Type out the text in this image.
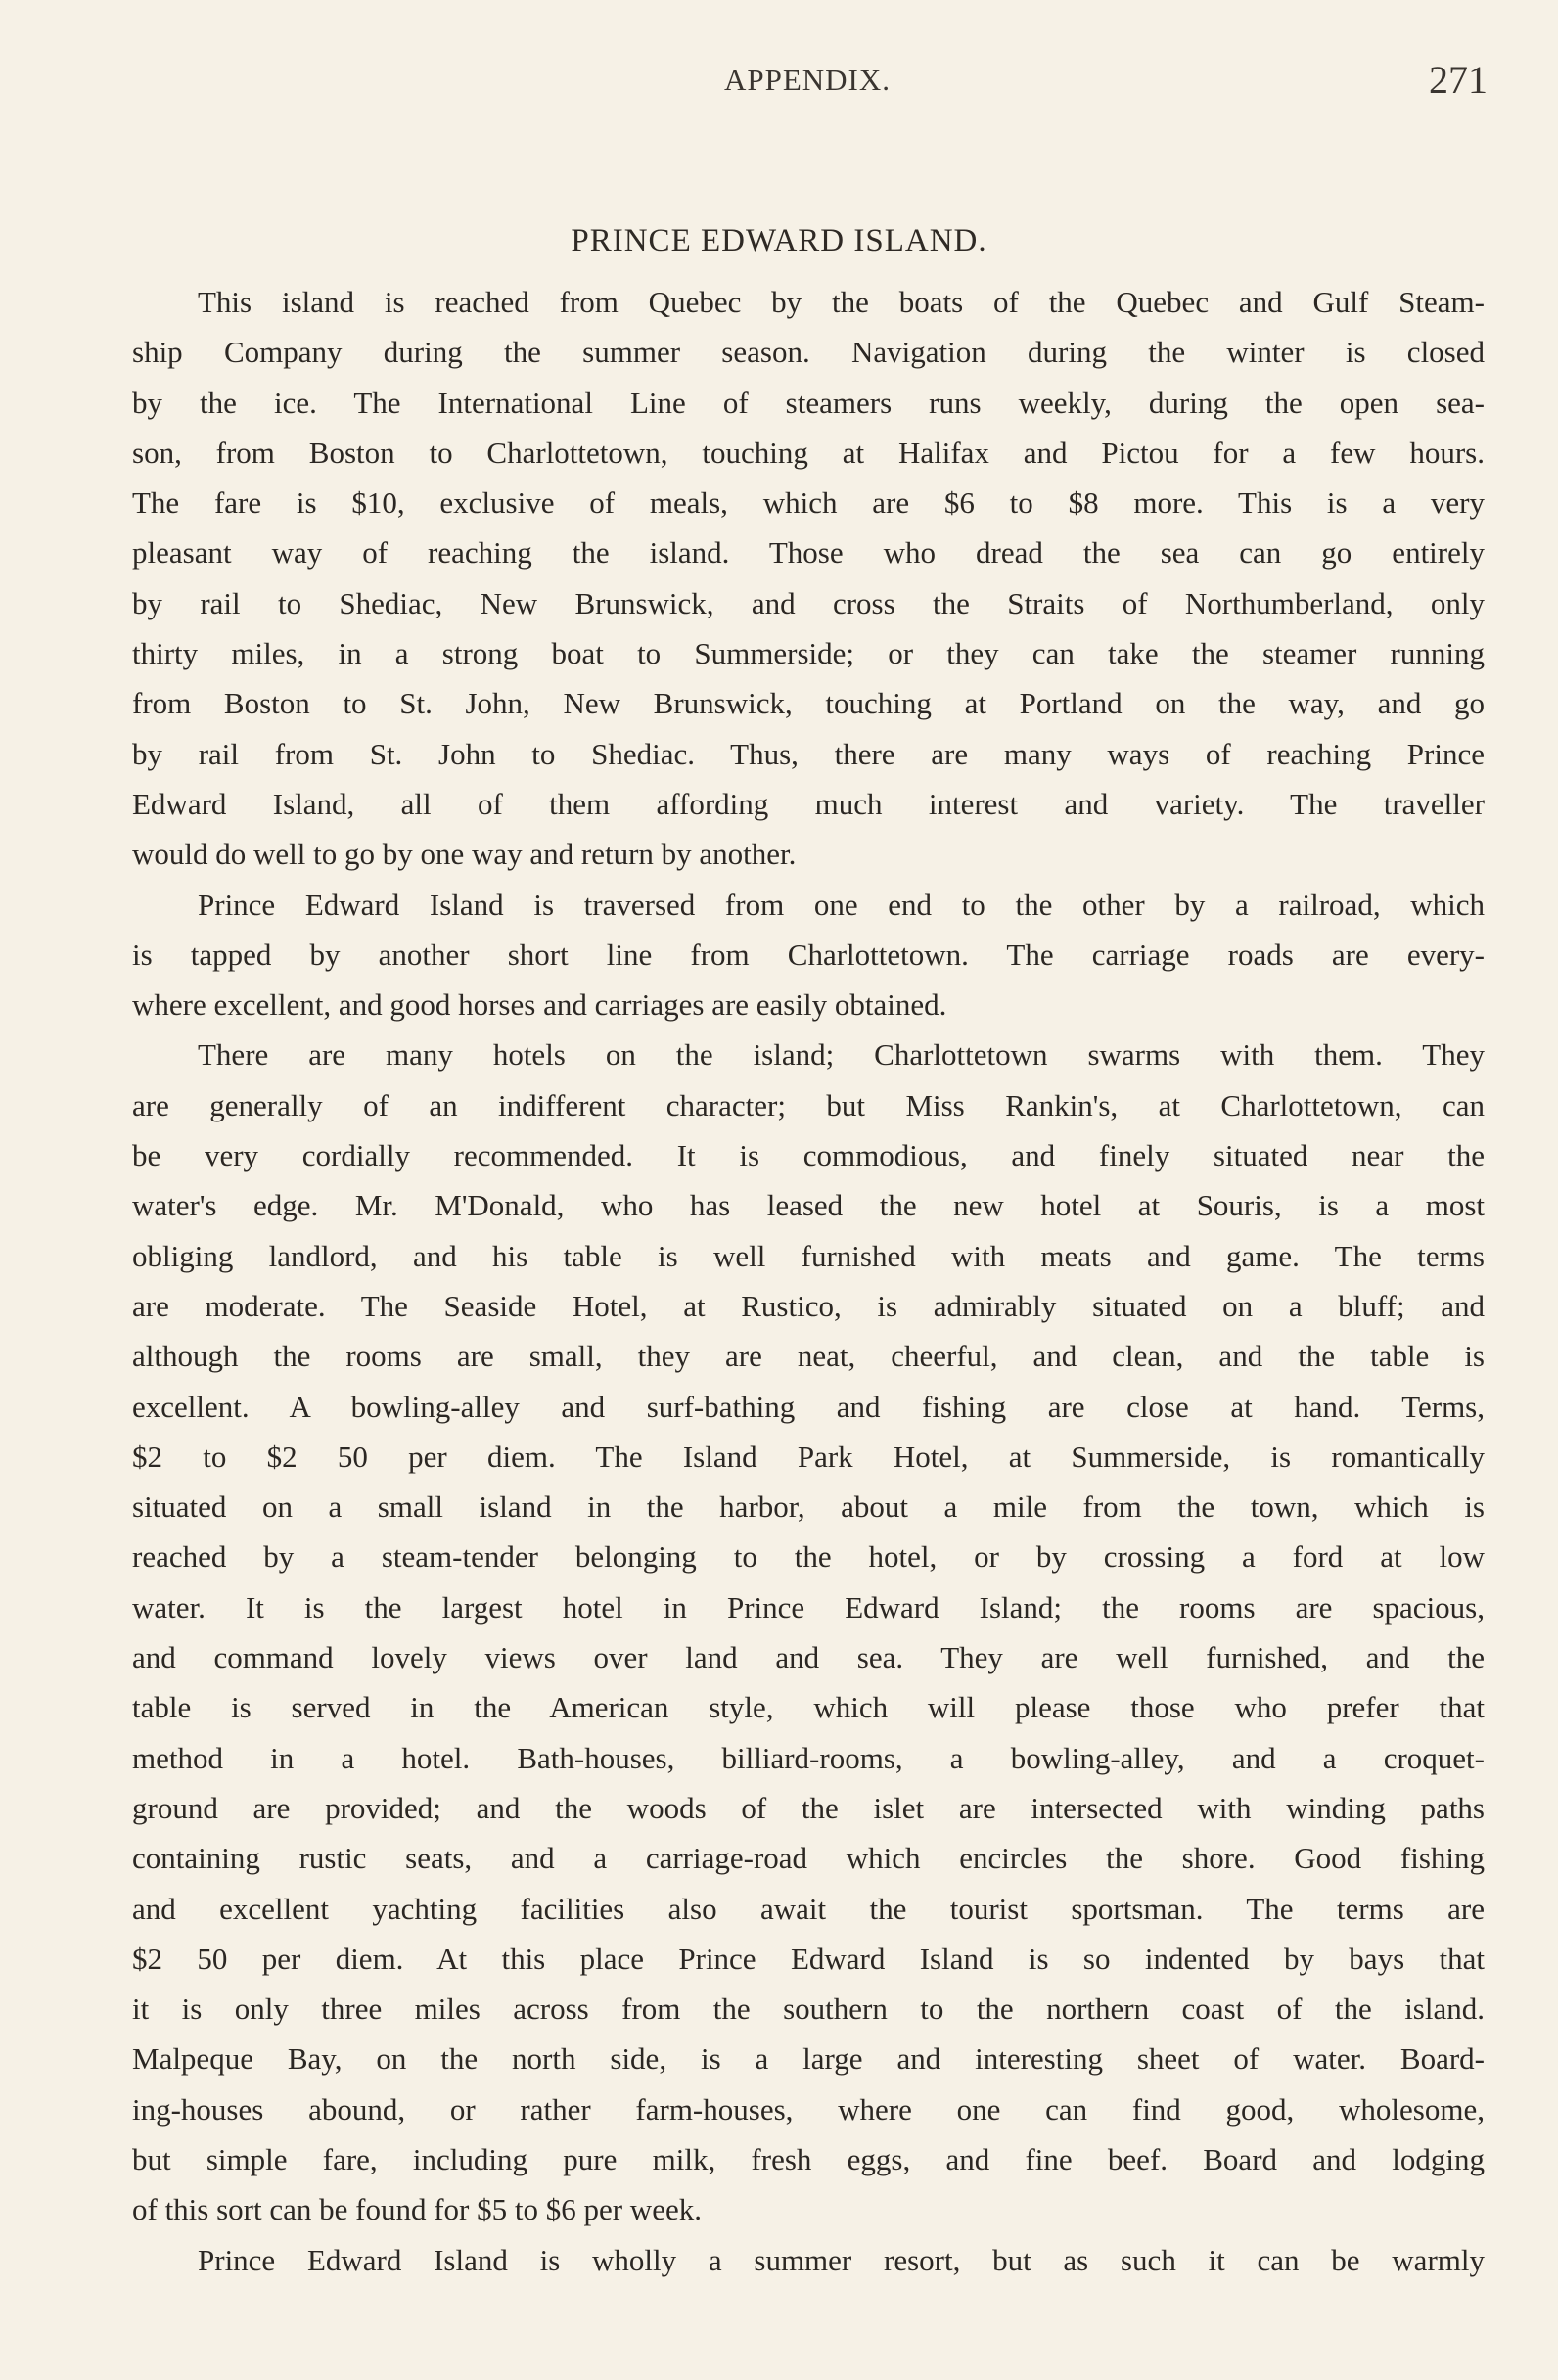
APPENDIX.	271
PRINCE EDWARD ISLAND.
This island is reached from Quebec by the boats of the Quebec and Gulf Steam-
ship Company during the summer season. Navigation during the winter is closed
by the ice. The International Line of steamers runs weekly, during the open sea-
son, from Boston to Charlottetown, touching at Halifax and Pictou for a few hours.
The fare is $10, exclusive of meals, which are $6 to $8 more. This is a very
pleasant way of reaching the island. Those who dread the sea can go entirely
by rail to Shediac, New Brunswick, and cross the Straits of Northumberland, only
thirty miles, in a strong boat to Summerside; or they can take the steamer running
from Boston to St. John, New Brunswick, touching at Portland on the way, and go
by rail from St. John to Shediac. Thus, there are many ways of reaching Prince
Edward Island, all of them affording much interest and variety. The traveller
would do well to go by one way and return by another.
Prince Edward Island is traversed from one end to the other by a railroad, which
is tapped by another short line from Charlottetown. The carriage roads are every-
where excellent, and good horses and carriages are easily obtained.
There are many hotels on the island; Charlottetown swarms with them. They
are generally of an indifferent character; but Miss Rankin's, at Charlottetown, can
be very cordially recommended. It is commodious, and finely situated near the
water's edge. Mr. M'Donald, who has leased the new hotel at Souris, is a most
obliging landlord, and his table is well furnished with meats and game. The terms
are moderate. The Seaside Hotel, at Rustico, is admirably situated on a bluff; and
although the rooms are small, they are neat, cheerful, and clean, and the table is
excellent. A bowling-alley and surf-bathing and fishing are close at hand. Terms,
$2 to $2 50 per diem. The Island Park Hotel, at Summerside, is romantically
situated on a small island in the harbor, about a mile from the town, which is
reached by a steam-tender belonging to the hotel, or by crossing a ford at low
water. It is the largest hotel in Prince Edward Island; the rooms are spacious,
and command lovely views over land and sea. They are well furnished, and the
table is served in the American style, which will please those who prefer that
method in a hotel. Bath-houses, billiard-rooms, a bowling-alley, and a croquet-
ground are provided; and the woods of the islet are intersected with winding paths
containing rustic seats, and a carriage-road which encircles the shore. Good fishing
and excellent yachting facilities also await the tourist sportsman. The terms are
$2 50 per diem. At this place Prince Edward Island is so indented by bays that
it is only three miles across from the southern to the northern coast of the island.
Malpeque Bay, on the north side, is a large and interesting sheet of water. Board-
ing-houses abound, or rather farm-houses, where one can find good, wholesome,
but simple fare, including pure milk, fresh eggs, and fine beef. Board and lodging
of this sort can be found for $5 to $6 per week.
Prince Edward Island is wholly a summer resort, but as such it can be warmly
